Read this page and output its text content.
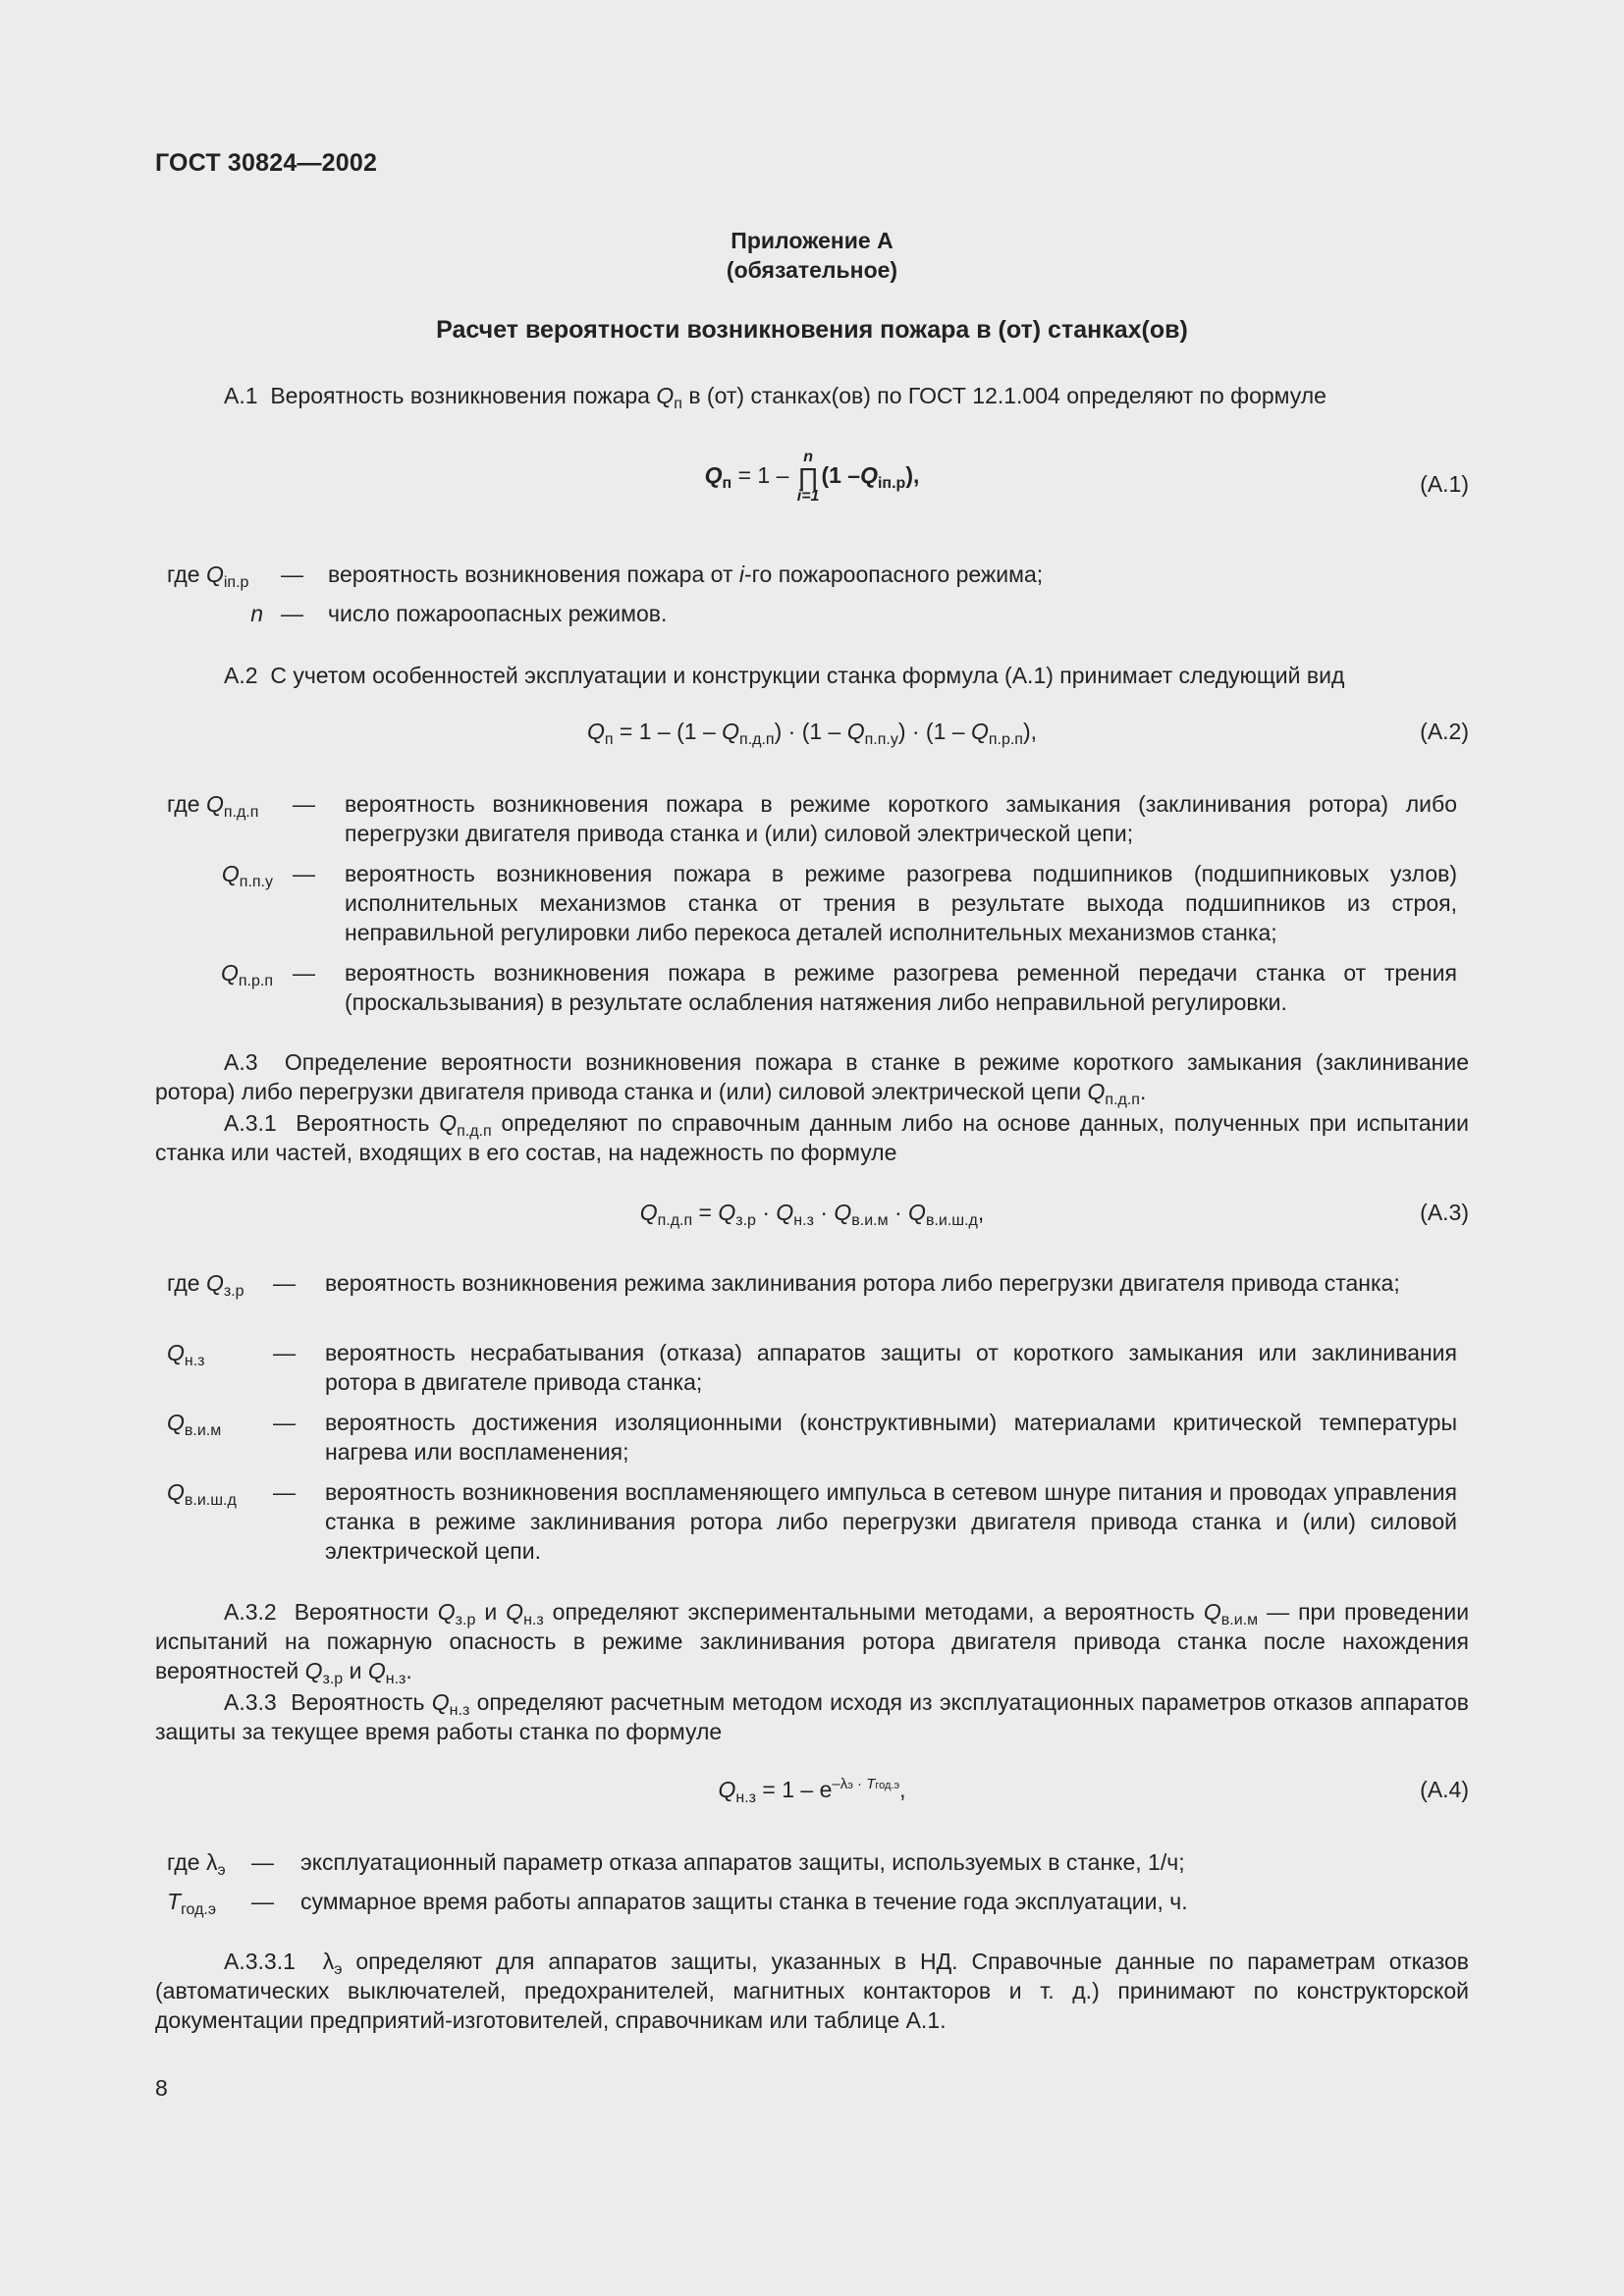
ГОСТ 30824—2002
Приложение А
(обязательное)
Расчет вероятности возникновения пожара в (от) станках(ов)
А.1 Вероятность возникновения пожара $Q_п$ в (от) станках(ов) по ГОСТ 12.1.004 определяют по формуле
$Q_п = 1$ –
n
∏
i=1
(1 $-Q_{iп.р}$),	(А.1)
где $Q_{iп.р}$	— вероятность возникновения пожара от i-го пожароопасного режима;
n — число пожароопасных режимов.
А.2 С учетом особенностей эксплуатации и конструкции станка формула (А.1) принимает следующий вид
$Q_п = 1 - (1 - Q_{п.д.п}) \cdot (1 - Q_{п.п.у}) \cdot (1 - Q_{п.р.п})$,	(А.2)
где $Q_{п.д.п}$	— вероятность возникновения пожара в режиме короткого замыкания (заклинивания ротора) либо перегрузки двигателя привода станка и (или) силовой электрической цепи;
$Q_{п.п.у}$ — вероятность возникновения пожара в режиме разогрева подшипников (подшипниковых узлов) исполнительных механизмов станка от трения в результате выхода подшипников из строя, неправильной регулировки либо перекоса деталей исполнительных механизмов станка;
$Q_{п.р.п}$ — вероятность возникновения пожара в режиме разогрева ременной передачи станка от трения (проскальзывания) в результате ослабления натяжения либо неправильной регулировки.
А.3 Определение вероятности возникновения пожара в станке в режиме короткого замыкания (заклинивание ротора) либо перегрузки двигателя привода станка и (или) силовой электрической цепи $Q_{п.д.п}$.
А.3.1 Вероятность $Q_{п.д.п}$ определяют по справочным данным либо на основе данных, полученных при испытании станка или частей, входящих в его состав, на надежность по формуле
$Q_{п.д.п} = Q_{з.р} \cdot Q_{н.з} \cdot Q_{в.и.м} \cdot Q_{в.и.ш.д}$,	(А.3)
где $Q_{з.р}$	— вероятность возникновения режима заклинивания ротора либо перегрузки двигателя привода станка;
$Q_{н.з}$	— вероятность несрабатывания (отказа) аппаратов защиты от короткого замыкания или заклинивания ротора в двигателе привода станка;
$Q_{в.и.м}$	— вероятность достижения изоляционными (конструктивными) материалами критической температуры нагрева или воспламенения;
$Q_{в.и.ш.д}$	— вероятность возникновения воспламеняющего импульса в сетевом шнуре питания и проводах управления станка в режиме заклинивания ротора либо перегрузки двигателя привода станка и (или) силовой электрической цепи.
А.3.2 Вероятности $Q_{з.р}$ и $Q_{н.з}$ определяют экспериментальными методами, а вероятность $Q_{в.и.м}$ — при проведении испытаний на пожарную опасность в режиме заклинивания ротора двигателя привода станка после нахождения вероятностей $Q_{з.р}$ и $Q_{н.з}$.
А.3.3 Вероятность $Q_{н.з}$ определяют расчетным методом исходя из эксплуатационных параметров отказов аппаратов защиты за текущее время работы станка по формуле
$Q_{н.з} = 1 - e^{-\lambda э \cdot Tгод.э}$,	(А.4)
где $\lambda_э$	— эксплуатационный параметр отказа аппаратов защиты, используемых в станке, 1/ч;
$T_{год.э}$	— суммарное время работы аппаратов защиты станка в течение года эксплуатации, ч.
А.3.3.1 $\lambda_э$ определяют для аппаратов защиты, указанных в НД. Справочные данные по параметрам отказов (автоматических выключателей, предохранителей, магнитных контакторов и т. д.) принимают по конструкторской документации предприятий-изготовителей, справочникам или таблице А.1.
8
